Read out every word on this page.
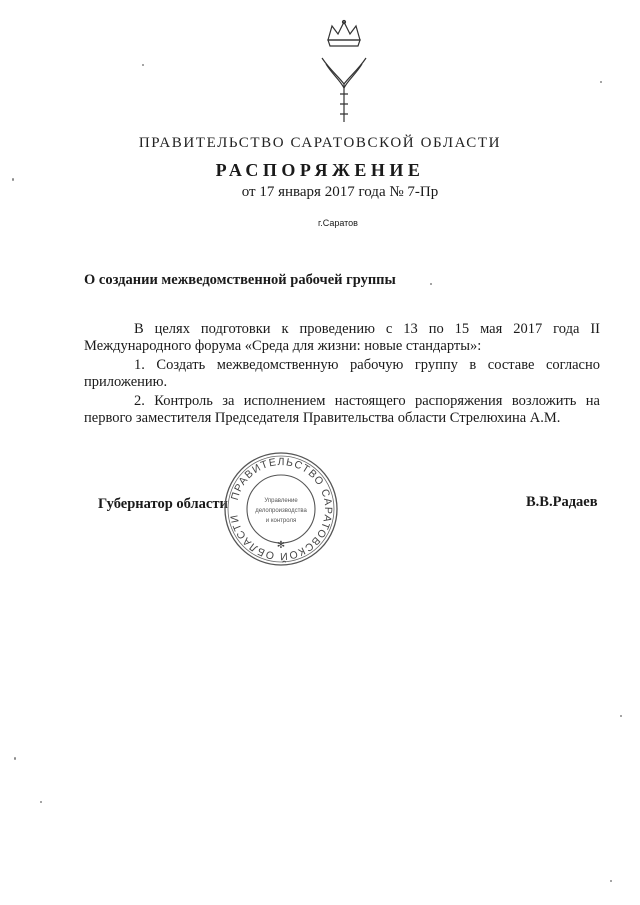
ПРАВИТЕЛЬСТВО САРАТОВСКОЙ ОБЛАСТИ
РАСПОРЯЖЕНИЕ
от 17 января 2017 года № 7-Пр
г.Саратов
О создании межведомственной рабочей группы

В целях подготовки к проведению с 13 по 15 мая 2017 года II Международного форума «Среда для жизни: новые стандарты»:

1. Создать межведомственную рабочую группу в составе согласно приложению.

2. Контроль за исполнением настоящего распоряжения возложить на первого заместителя Председателя Правительства области Стрелюхина А.М.

Губернатор области	В.В.Радаев
ПРАВИТЕЛЬСТВО САРАТОВСКОЙ ОБЛАСТИ
✻
Управление
делопроизводства
и контроля
